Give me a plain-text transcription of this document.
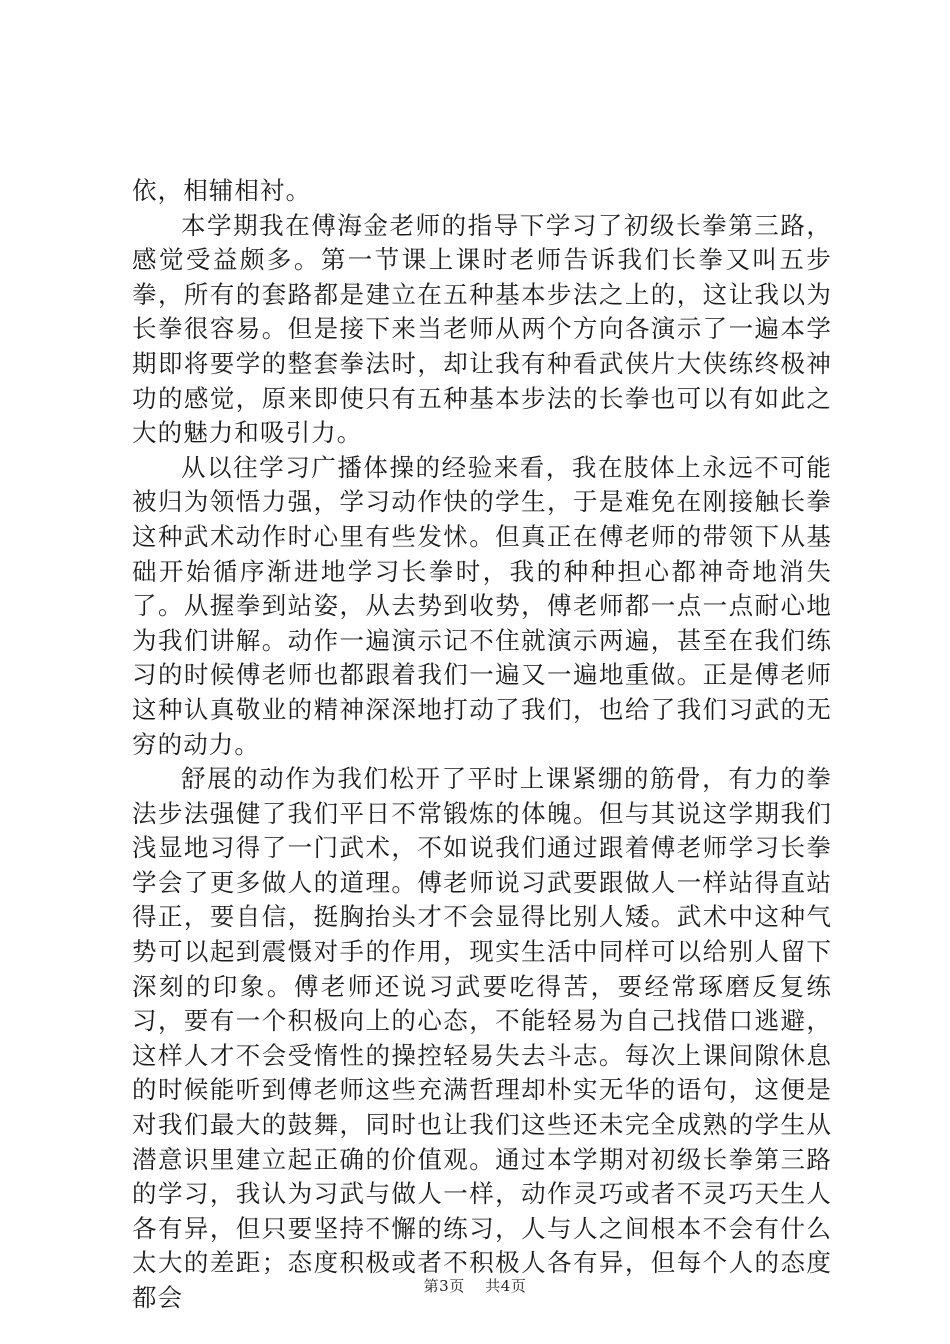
依，相辅相衬。

本学期我在傅海金老师的指导下学习了初级长拳第三路，感觉受益颇多。第一节课上课时老师告诉我们长拳又叫五步拳，所有的套路都是建立在五种基本步法之上的，这让我以为长拳很容易。但是接下来当老师从两个方向各演示了一遍本学期即将要学的整套拳法时，却让我有种看武侠片大侠练终极神功的感觉，原来即使只有五种基本步法的长拳也可以有如此之大的魅力和吸引力。

从以往学习广播体操的经验来看，我在肢体上永远不可能被归为领悟力强，学习动作快的学生，于是难免在刚接触长拳这种武术动作时心里有些发怵。但真正在傅老师的带领下从基础开始循序渐进地学习长拳时，我的种种担心都神奇地消失了。从握拳到站姿，从去势到收势，傅老师都一点一点耐心地为我们讲解。动作一遍演示记不住就演示两遍，甚至在我们练习的时候傅老师也都跟着我们一遍又一遍地重做。正是傅老师这种认真敬业的精神深深地打动了我们，也给了我们习武的无穷的动力。

舒展的动作为我们松开了平时上课紧绷的筋骨，有力的拳法步法强健了我们平日不常锻炼的体魄。但与其说这学期我们浅显地习得了一门武术，不如说我们通过跟着傅老师学习长拳学会了更多做人的道理。傅老师说习武要跟做人一样站得直站得正，要自信，挺胸抬头才不会显得比别人矮。武术中这种气势可以起到震慑对手的作用，现实生活中同样可以给别人留下深刻的印象。傅老师还说习武要吃得苦，要经常琢磨反复练习，要有一个积极向上的心态，不能轻易为自己找借口逃避，这样人才不会受惰性的操控轻易失去斗志。每次上课间隙休息的时候能听到傅老师这些充满哲理却朴实无华的语句，这便是对我们最大的鼓舞，同时也让我们这些还未完全成熟的学生从潜意识里建立起正确的价值观。通过本学期对初级长拳第三路的学习，我认为习武与做人一样，动作灵巧或者不灵巧天生人各有异，但只要坚持不懈的练习，人与人之间根本不会有什么太大的差距；态度积极或者不积极人各有异，但每个人的态度都会	第3页 共4页
